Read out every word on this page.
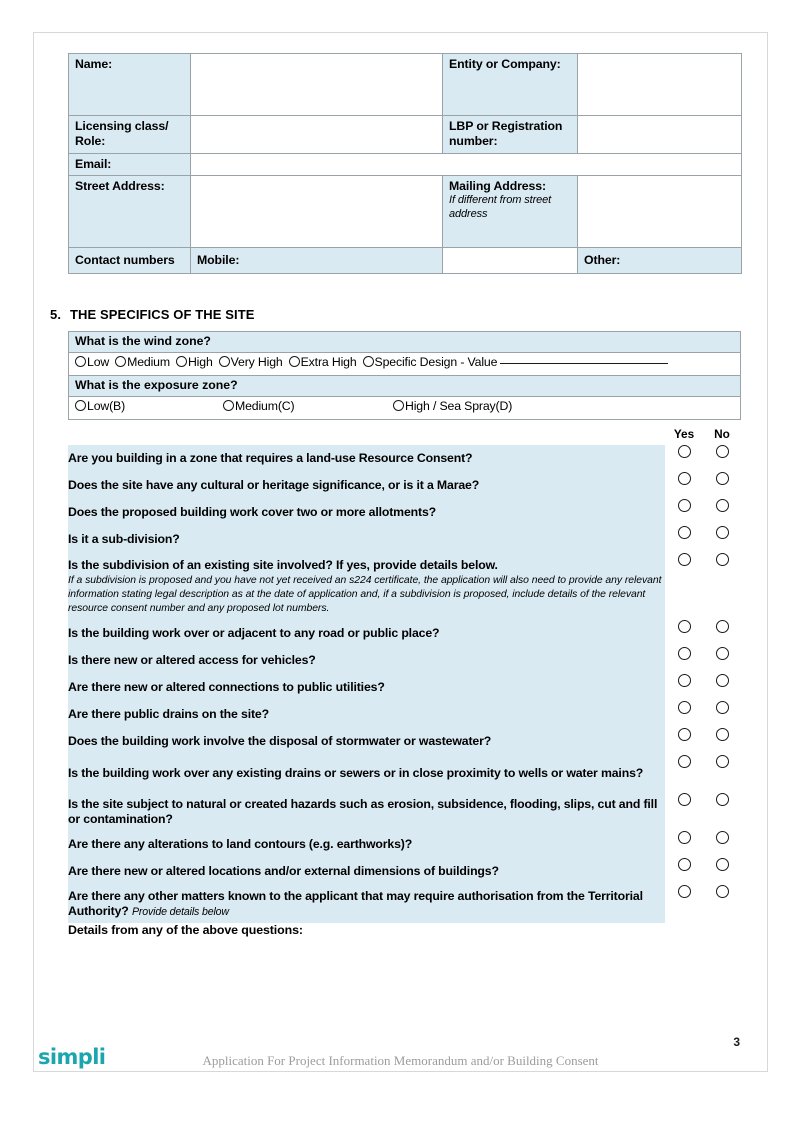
Name:		Entity or Company:		
Licensing class/ Role:		LBP or Registration number:		
Email:				
Street Address:		Mailing Address:
If different from street address		

Contact numbers	Mobile:		Other:	
5. THE SPECIFICS OF THE SITE
What is the wind zone?
Low Medium High Very High Extra High Specific Design - Value
What is the exposure zone?

Low(B)	Medium(C)	High / Sea Spray(D)
	Yes	No
Are you building in a zone that requires a land-use Resource Consent?		
Does the site have any cultural or heritage significance, or is it a Marae?		
Does the proposed building work cover two or more allotments?		
Is it a sub-division?		
Is the subdivision of an existing site involved? If yes, provide details below.
If a subdivision is proposed and you have not yet received an s224 certificate, the application will also need to provide any relevant information stating legal description as at the date of application and, if a subdivision is proposed, include details of the relevant resource consent number and any proposed lot numbers.		

Is the building work over or adjacent to any road or public place?		
Is there new or altered access for vehicles?		
Are there new or altered connections to public utilities?		
Are there public drains on the site?		
Does the building work involve the disposal of stormwater or wastewater?		
Is the building work over any existing drains or sewers or in close proximity to wells or water mains?		
Is the site subject to natural or created hazards such as erosion, subsidence, flooding, slips, cut and fill or contamination?		
Are there any alterations to land contours (e.g. earthworks)?		
Are there new or altered locations and/or external dimensions of buildings?		
Are there any other matters known to the applicant that may require authorisation from the Territorial Authority? Provide details below		
Details from any of the above questions:		
simpli	Application For Project Information Memorandum and/or Building Consent
3
